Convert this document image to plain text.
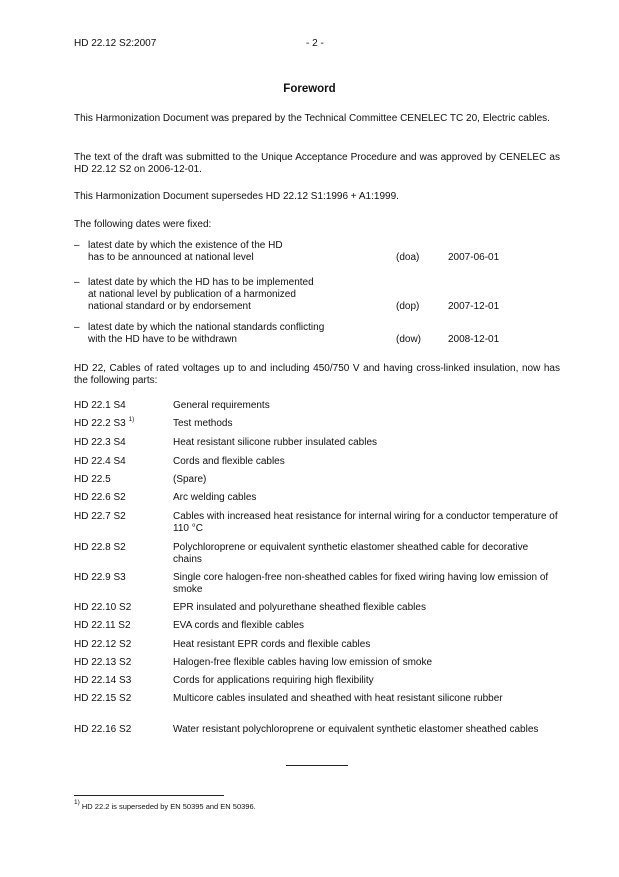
HD 22.12 S2:2007	- 2 -
Foreword
This Harmonization Document was prepared by the Technical Committee CENELEC TC 20, Electric cables.
The text of the draft was submitted to the Unique Acceptance Procedure and was approved by CENELEC as HD 22.12 S2 on 2006-12-01.
This Harmonization Document supersedes HD 22.12 S1:1996 + A1:1999.
The following dates were fixed:
– latest date by which the existence of the HD
has to be announced at national level	(doa)	2007-06-01
– latest date by which the HD has to be implemented
at national level by publication of a harmonized
national standard or by endorsement	(dop)	2007-12-01
– latest date by which the national standards conflicting
with the HD have to be withdrawn	(dow)	2008-12-01
HD 22, Cables of rated voltages up to and including 450/750 V and having cross-linked insulation, now has the following parts:
HD 22.1 S4	General requirements
HD 22.2 S3 $^{1)}$	Test methods
HD 22.3 S4	Heat resistant silicone rubber insulated cables
HD 22.4 S4	Cords and flexible cables
HD 22.5	(Spare)
HD 22.6 S2	Arc welding cables
HD 22.7 S2	Cables with increased heat resistance for internal wiring for a conductor temperature of 110 °C
HD 22.8 S2	Polychloroprene or equivalent synthetic elastomer sheathed cable for decorative chains
HD 22.9 S3	Single core halogen-free non-sheathed cables for fixed wiring having low emission of smoke
HD 22.10 S2	EPR insulated and polyurethane sheathed flexible cables
HD 22.11 S2	EVA cords and flexible cables
HD 22.12 S2	Heat resistant EPR cords and flexible cables
HD 22.13 S2	Halogen-free flexible cables having low emission of smoke
HD 22.14 S3	Cords for applications requiring high flexibility
HD 22.15 S2	Multicore cables insulated and sheathed with heat resistant silicone rubber
HD 22.16 S2	Water resistant polychloroprene or equivalent synthetic elastomer sheathed cables
$^{1)}$ HD 22.2 is superseded by EN 50395 and EN 50396.
